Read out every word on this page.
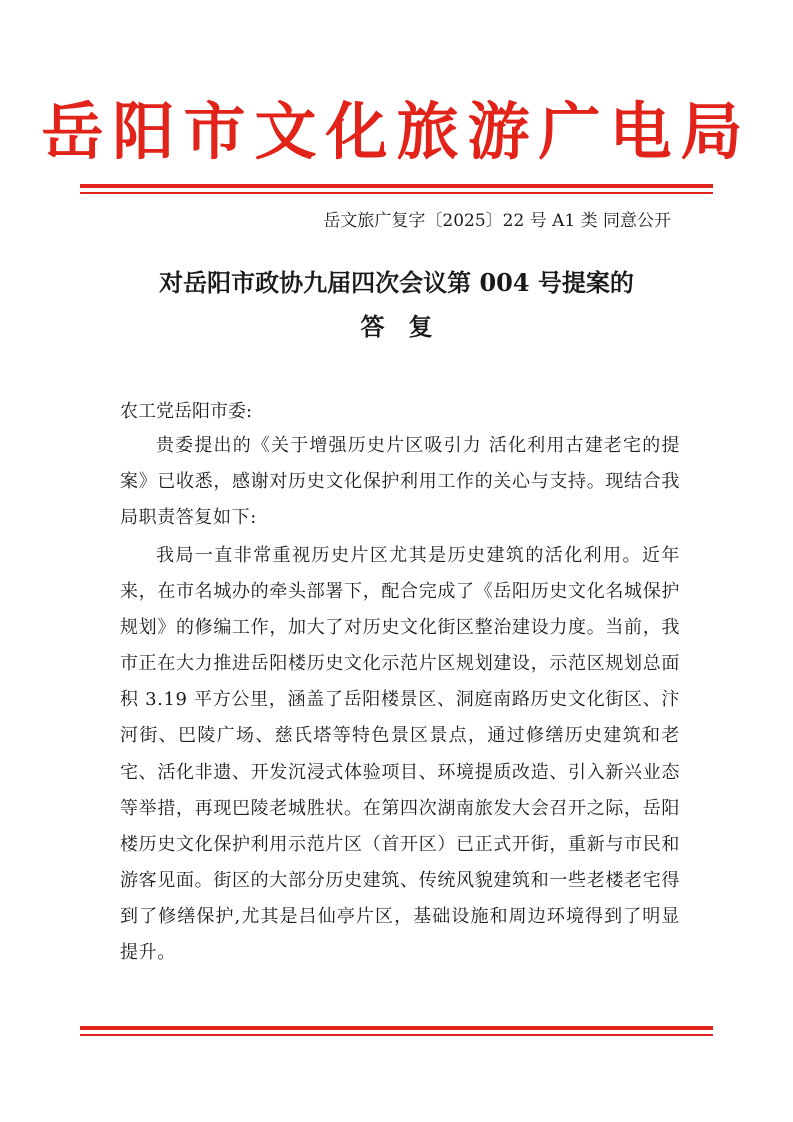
岳阳市文化旅游广电局
岳文旅广复字〔2025〕22 号 A1 类 同意公开
对岳阳市政协九届四次会议第 004 号提案的
答复
农工党岳阳市委:

贵委提出的《关于增强历史片区吸引力 活化利用古建老宅的提案》已收悉，感谢对历史文化保护利用工作的关心与支持。现结合我局职责答复如下:

我局一直非常重视历史片区尤其是历史建筑的活化利用。近年来，在市名城办的牵头部署下，配合完成了《岳阳历史文化名城保护规划》的修编工作，加大了对历史文化街区整治建设力度。当前，我市正在大力推进岳阳楼历史文化示范片区规划建设，示范区规划总面积 3.19 平方公里，涵盖了岳阳楼景区、洞庭南路历史文化街区、汴河街、巴陵广场、慈氏塔等特色景区景点，通过修缮历史建筑和老宅、活化非遗、开发沉浸式体验项目、环境提质改造、引入新兴业态等举措，再现巴陵老城胜状。在第四次湖南旅发大会召开之际，岳阳楼历史文化保护利用示范片区（首开区）已正式开街，重新与市民和游客见面。街区的大部分历史建筑、传统风貌建筑和一些老楼老宅得到了修缮保护,尤其是吕仙亭片区，基础设施和周边环境得到了明显提升。
